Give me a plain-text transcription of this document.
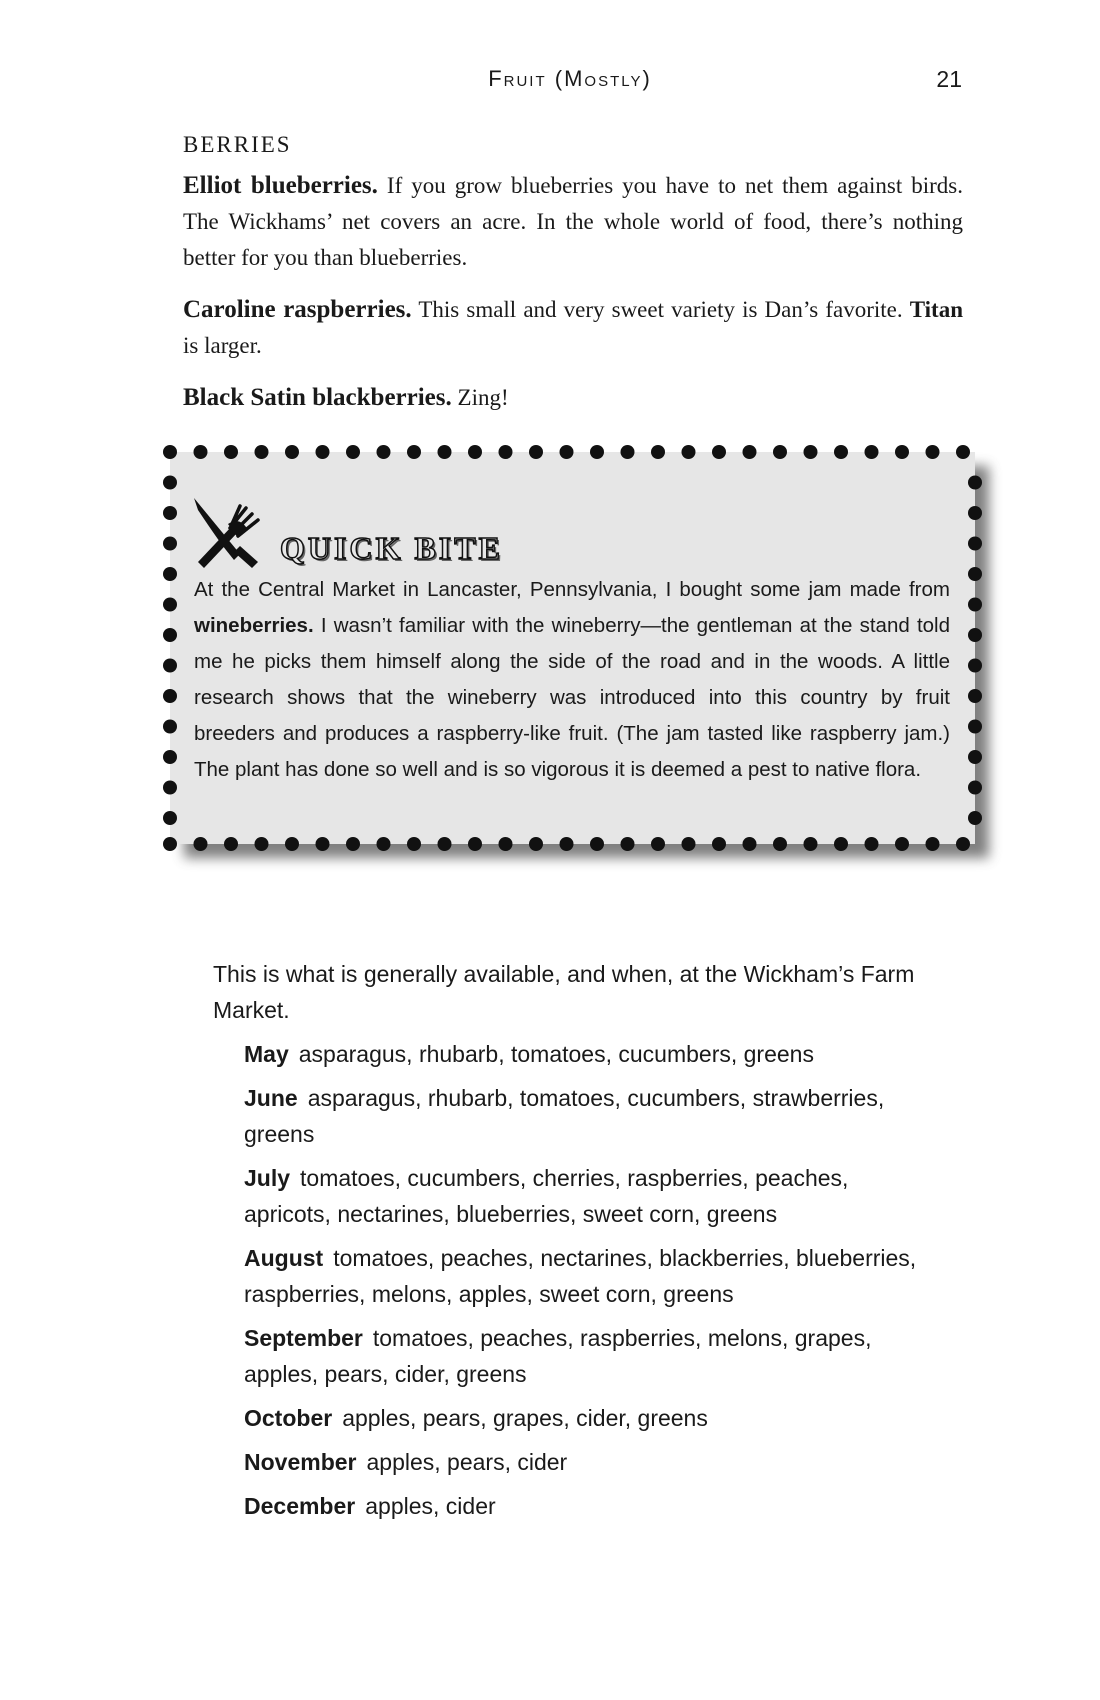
Fruit (Mostly)	21
BERRIES
Elliot blueberries. If you grow blueberries you have to net them against birds. The Wickhams’ net covers an acre. In the whole world of food, there’s nothing better for you than blueberries.
Caroline raspberries. This small and very sweet variety is Dan’s favorite. Titan is larger.
Black Satin blackberries. Zing!
QUICK BITE
At the Central Market in Lancaster, Pennsylvania, I bought some jam made from wineberries. I wasn’t familiar with the wineberry—the gentleman at the stand told me he picks them himself along the side of the road and in the woods. A little research shows that the wineberry was introduced into this country by fruit breeders and produces a raspberry-like fruit. (The jam tasted like raspberry jam.) The plant has done so well and is so vigorous it is deemed a pest to native flora.
This is what is generally available, and when, at the Wickham’s Farm Market.
May asparagus, rhubarb, tomatoes, cucumbers, greens
June asparagus, rhubarb, tomatoes, cucumbers, strawberries, greens
July tomatoes, cucumbers, cherries, raspberries, peaches, apricots, nectarines, blueberries, sweet corn, greens
August tomatoes, peaches, nectarines, blackberries, blueberries, raspberries, melons, apples, sweet corn, greens
September tomatoes, peaches, raspberries, melons, grapes, apples, pears, cider, greens
October apples, pears, grapes, cider, greens
November apples, pears, cider
December apples, cider
